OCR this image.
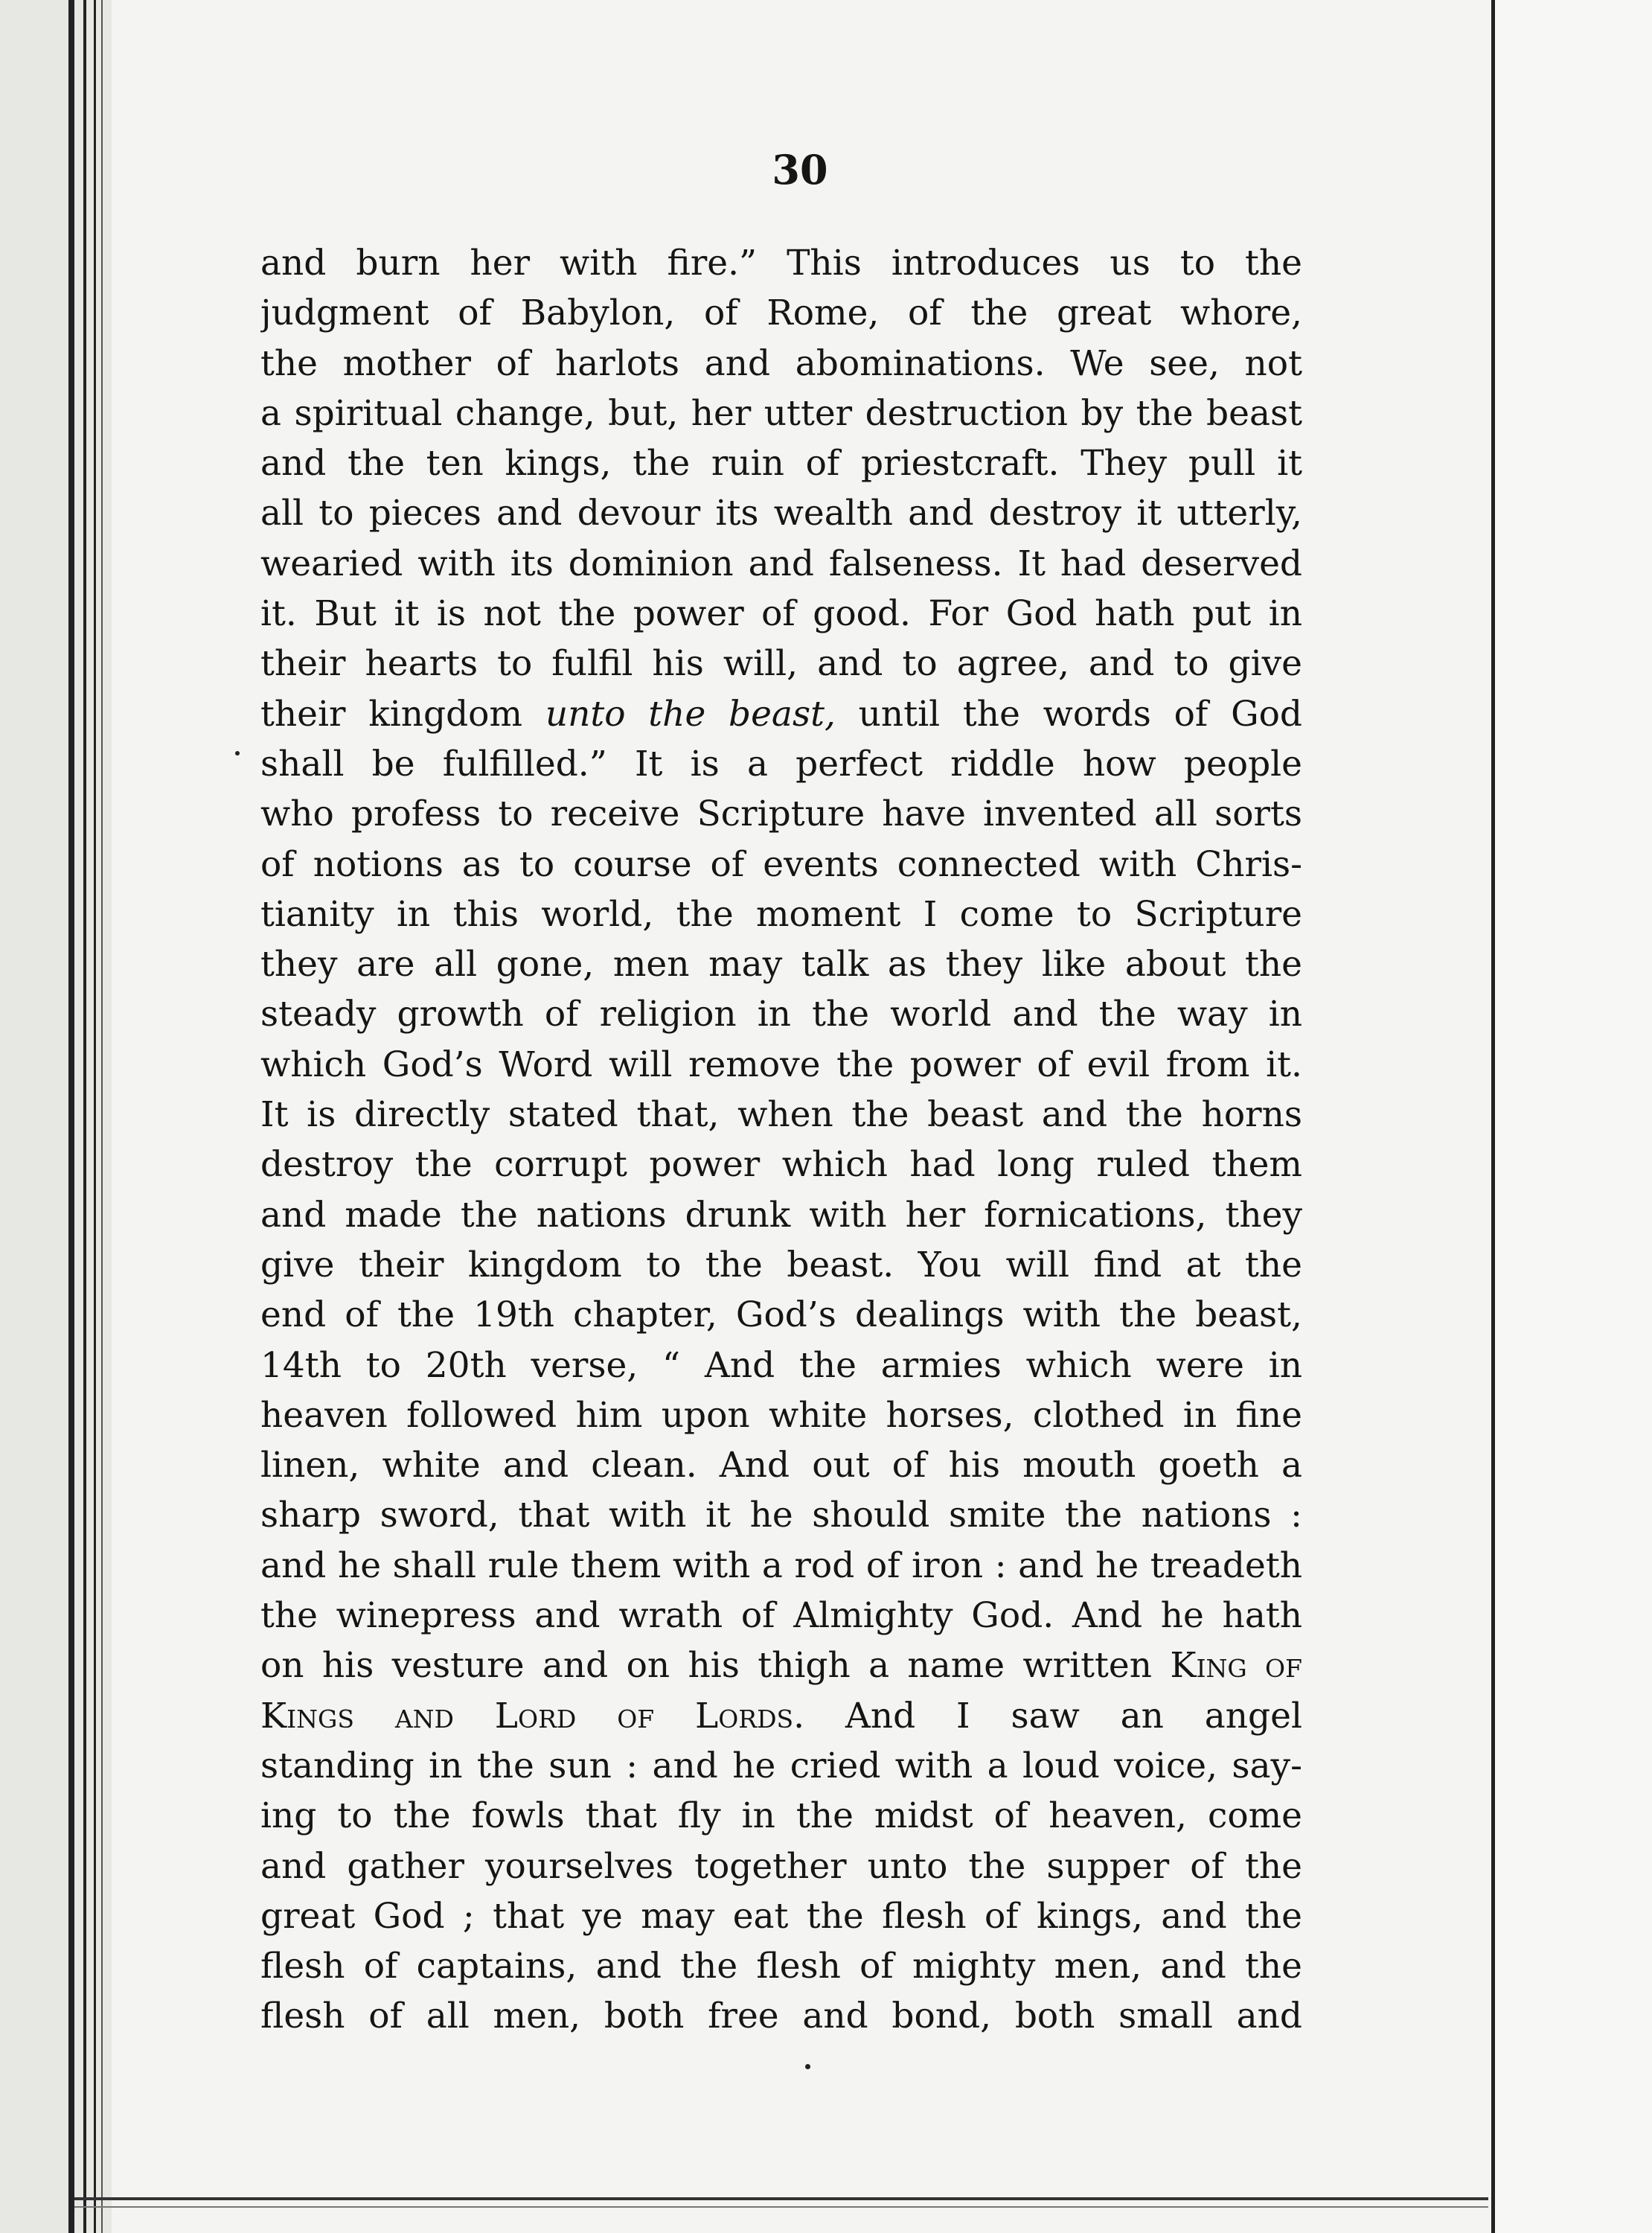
30
and burn her with fire.” This introduces us to the
judgment of Babylon, of Rome, of the great whore,
the mother of harlots and abominations. We see, not
a spiritual change, but, her utter destruction by the beast
and the ten kings, the ruin of priestcraft. They pull it
all to pieces and devour its wealth and destroy it utterly,
wearied with its dominion and falseness. It had deserved
it. But it is not the power of good. For God hath put in
their hearts to fulfil his will, and to agree, and to give
their kingdom unto the beast, until the words of God
shall be fulfilled.” It is a perfect riddle how people
who profess to receive Scripture have invented all sorts
of notions as to course of events connected with Chris-
tianity in this world, the moment I come to Scripture
they are all gone, men may talk as they like about the
steady growth of religion in the world and the way in
which God’s Word will remove the power of evil from it.
It is directly stated that, when the beast and the horns
destroy the corrupt power which had long ruled them
and made the nations drunk with her fornications, they
give their kingdom to the beast. You will find at the
end of the 19th chapter, God’s dealings with the beast,
14th to 20th verse, “ And the armies which were in
heaven followed him upon white horses, clothed in fine
linen, white and clean. And out of his mouth goeth a
sharp sword, that with it he should smite the nations :
and he shall rule them with a rod of iron : and he treadeth
the winepress and wrath of Almighty God. And he hath
on his vesture and on his thigh a name written King of
Kings and Lord of Lords. And I saw an angel
standing in the sun : and he cried with a loud voice, say-
ing to the fowls that fly in the midst of heaven, come
and gather yourselves together unto the supper of the
great God ; that ye may eat the flesh of kings, and the
flesh of captains, and the flesh of mighty men, and the
flesh of all men, both free and bond, both small and
